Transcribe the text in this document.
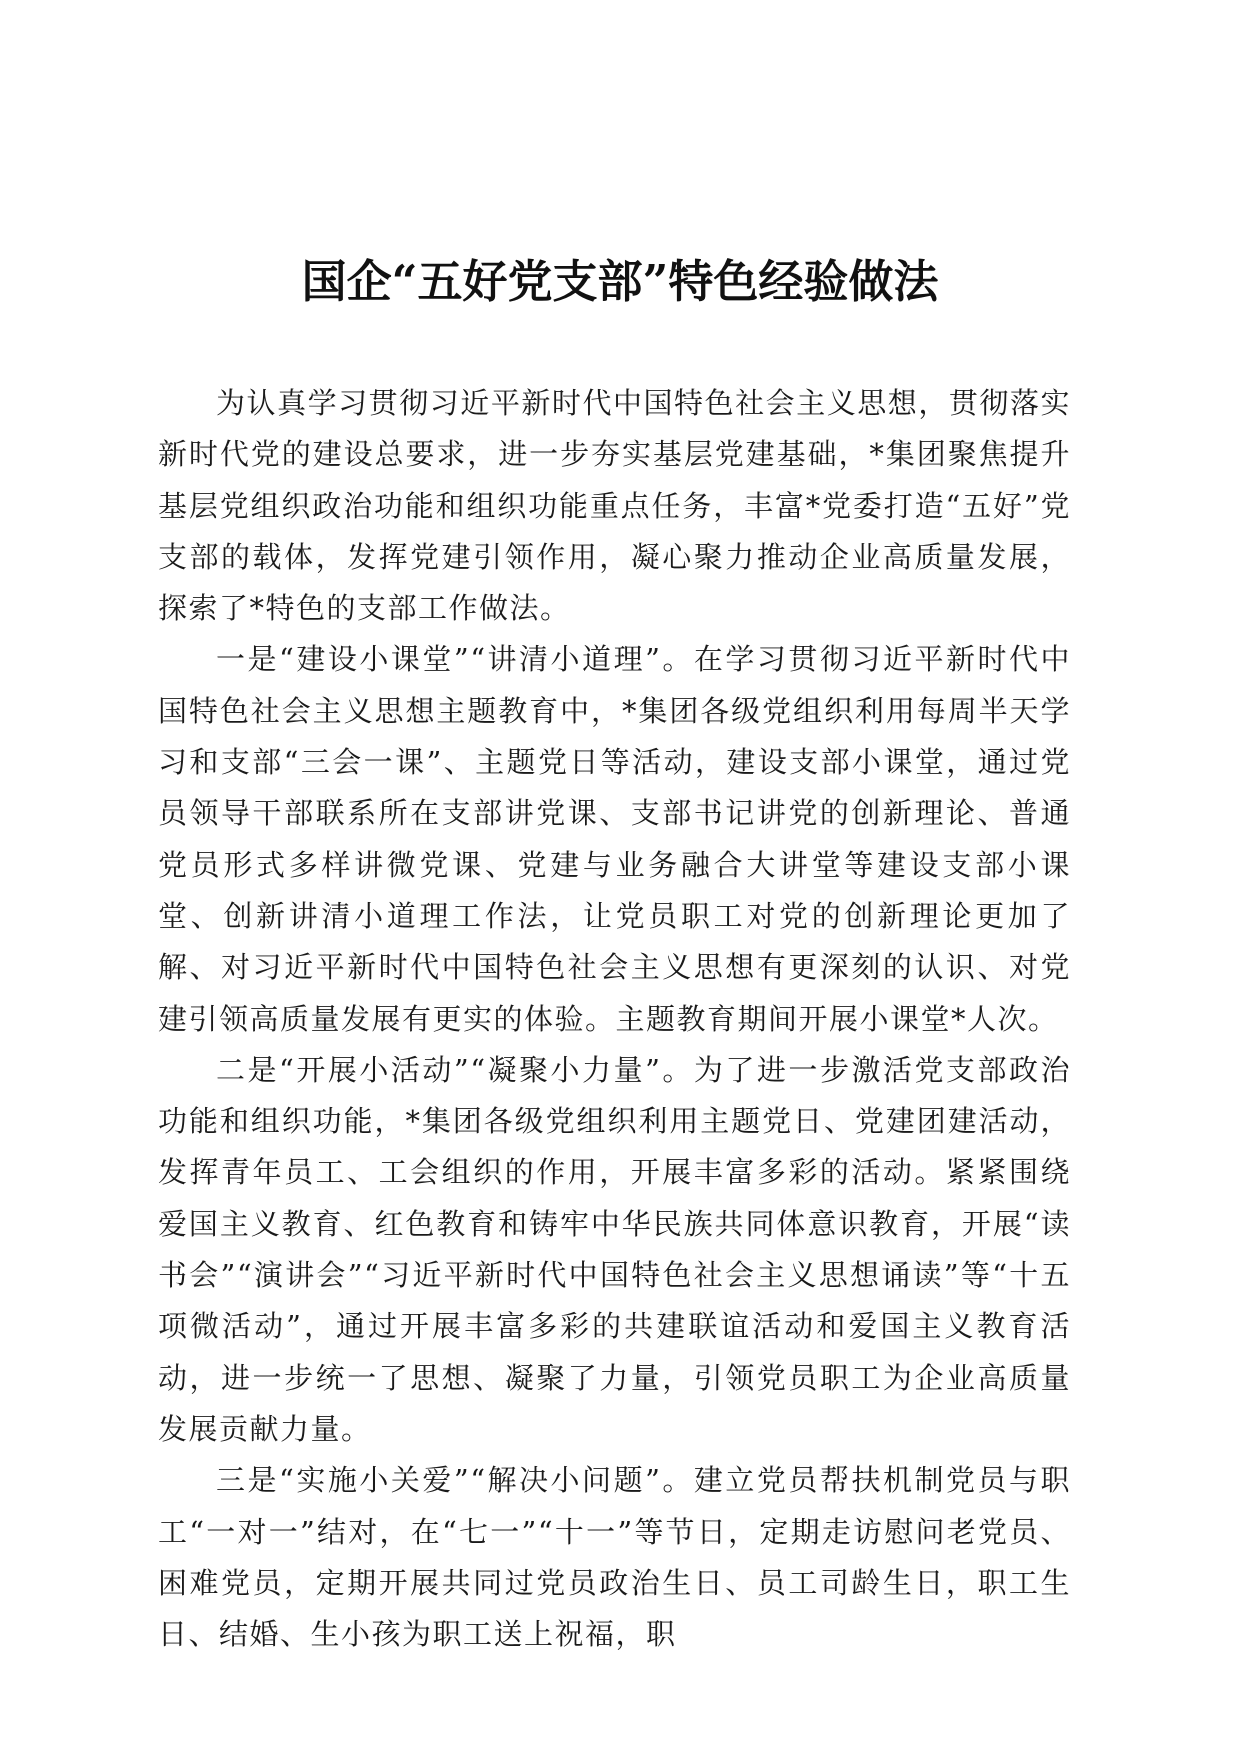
国企“五好党支部”特色经验做法

为认真学习贯彻习近平新时代中国特色社会主义思想，贯彻落实新时代党的建设总要求，进一步夯实基层党建基础，*集团聚焦提升基层党组织政治功能和组织功能重点任务，丰富*党委打造“五好”党支部的载体，发挥党建引领作用，凝心聚力推动企业高质量发展，探索了*特色的支部工作做法。

一是“建设小课堂”“讲清小道理”。在学习贯彻习近平新时代中国特色社会主义思想主题教育中，*集团各级党组织利用每周半天学习和支部“三会一课”、主题党日等活动，建设支部小课堂，通过党员领导干部联系所在支部讲党课、支部书记讲党的创新理论、普通党员形式多样讲微党课、党建与业务融合大讲堂等建设支部小课堂、创新讲清小道理工作法，让党员职工对党的创新理论更加了解、对习近平新时代中国特色社会主义思想有更深刻的认识、对党建引领高质量发展有更实的体验。主题教育期间开展小课堂*人次。

二是“开展小活动”“凝聚小力量”。为了进一步激活党支部政治功能和组织功能，*集团各级党组织利用主题党日、党建团建活动，发挥青年员工、工会组织的作用，开展丰富多彩的活动。紧紧围绕爱国主义教育、红色教育和铸牢中华民族共同体意识教育，开展“读书会”“演讲会”“习近平新时代中国特色社会主义思想诵读”等“十五项微活动”，通过开展丰富多彩的共建联谊活动和爱国主义教育活动，进一步统一了思想、凝聚了力量，引领党员职工为企业高质量发展贡献力量。

三是“实施小关爱”“解决小问题”。建立党员帮扶机制党员与职工“一对一”结对，在“七一”“十一”等节日，定期走访慰问老党员、困难党员，定期开展共同过党员政治生日、员工司龄生日，职工生日、结婚、生小孩为职工送上祝福，职
